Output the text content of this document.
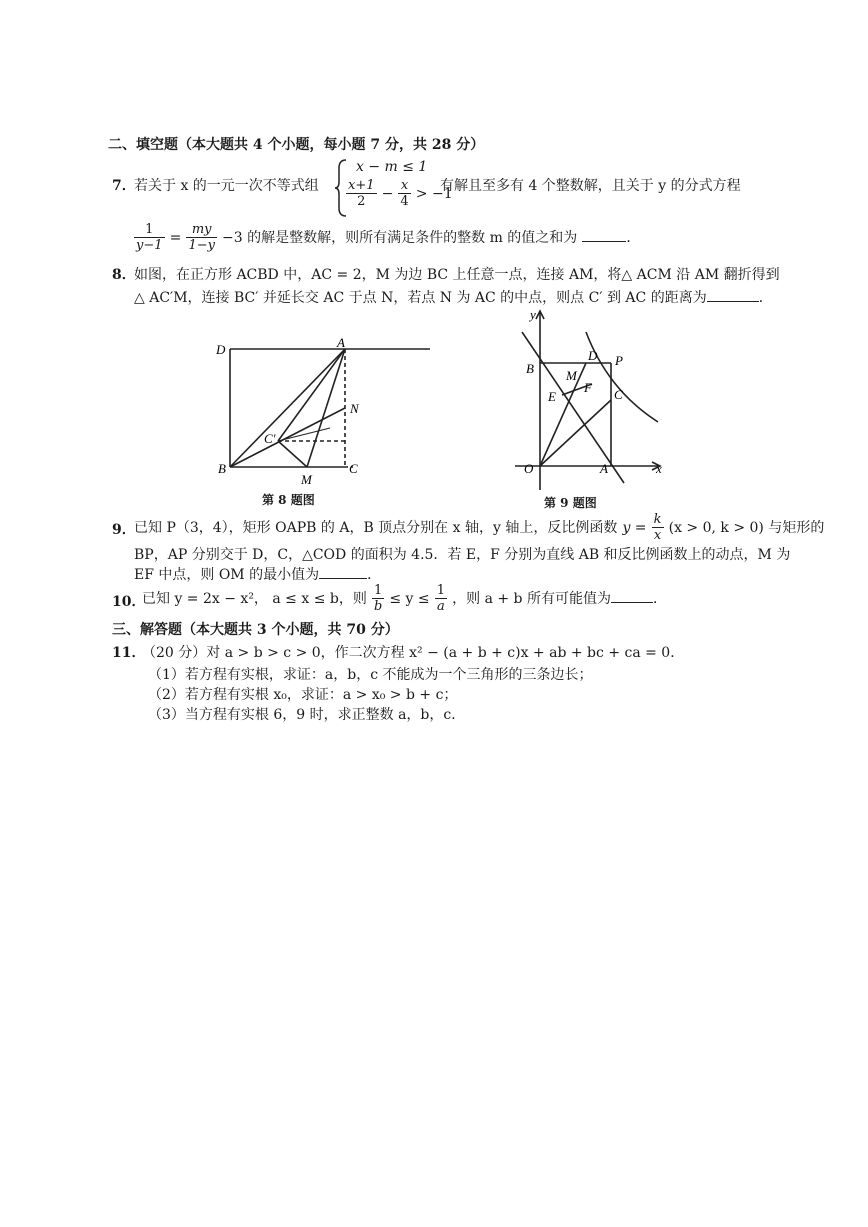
二、填空题（本大题共 4 个小题，每小题 7 分，共 28 分）
7．
若关于 x 的一元一次不等式组
x − m ≤ 1
$\frac{x+1}{2} - \frac{x}{4} > -1$
有解且至多有 4 个整数解，且关于 y 的分式方程
$\frac{1}{y-1} = \frac{my}{1-y} -3$ 的解是整数解，则所有满足条件的整数 m 的值之和为	．
8．
如图，在正方形 ACBD 中，AC = 2，M 为边 BC 上任意一点，连接 AM，将△ ACM 沿 AM 翻折得到
△ AC′M，连接 BC′ 并延长交 AC 于点 N，若点 N 为 AC 的中点，则点 C′ 到 AC 的距离为	．
D	A
N
C′
B
M
C
第 8 题图
y
x
O	A
B
D P
M
F
E	C
第 9 题图
9．
已知 P（3，4），矩形 OAPB 的 A，B 顶点分别在 x 轴，y 轴上，反比例函数 $y = \frac{k}{x} (x > 0$, k > 0) 与矩形的
BP，AP 分别交于 D，C，△COD 的面积为 4.5．若 E，F 分别为直线 AB 和反比例函数上的动点，M 为
EF 中点，则 OM 的最小值为	．
10．
已知 y = 2x − x²， a ≤ x ≤ b，则 $\frac{1}{b} \le y \le \frac{1}{a}$ ，则 a + b 所有可能值为	．
三、解答题（本大题共 3 个小题，共 70 分）
11．
（20 分）对 a > b > c > 0，作二次方程 x² − (a + b + c)x + ab + bc + ca = 0．
（1）若方程有实根，求证：a，b，c 不能成为一个三角形的三条边长；
（2）若方程有实根 x₀，求证：a > x₀ > b + c；
（3）当方程有实根 6，9 时，求正整数 a，b，c．
